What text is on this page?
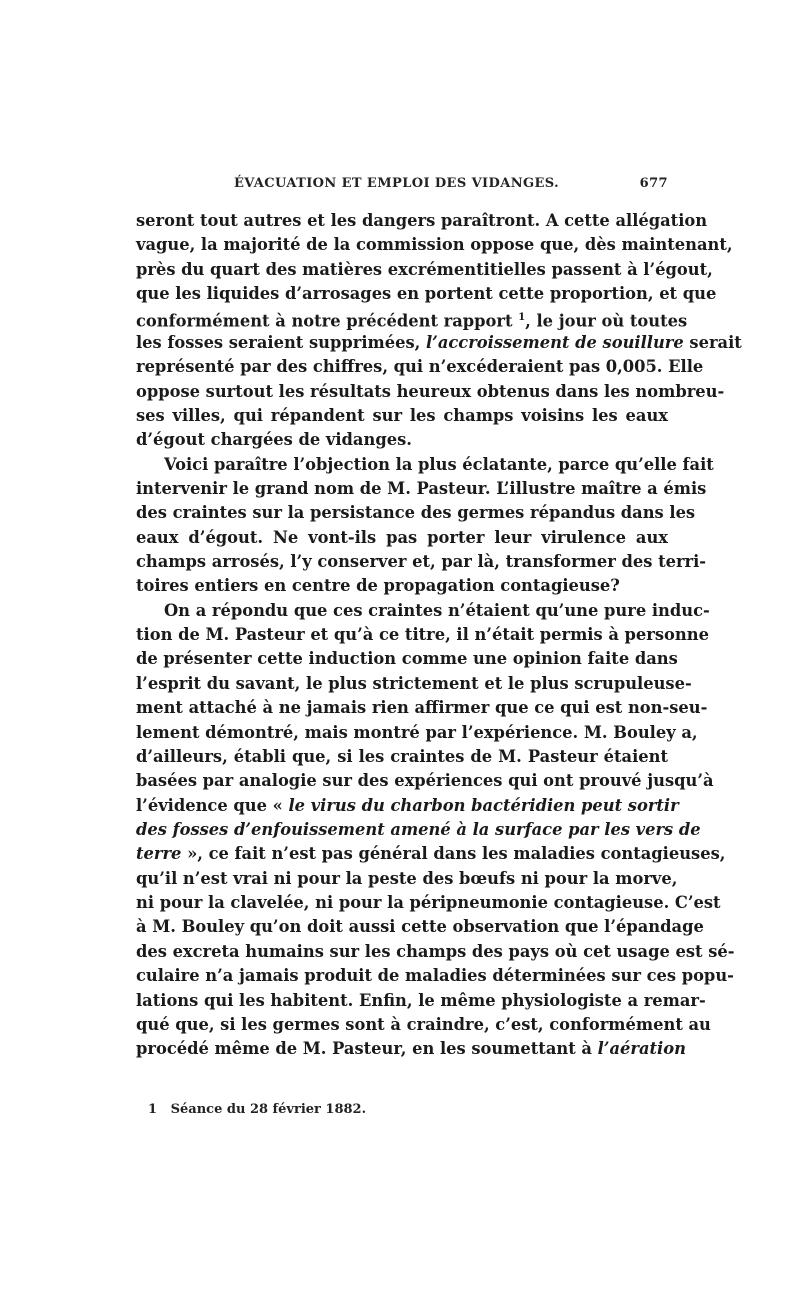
ÉVACUATION ET EMPLOI DES VIDANGES.	677
seront tout autres et les dangers paraîtront. A cette allégation
vague, la majorité de la commission oppose que, dès maintenant,
près du quart des matières excrémentitielles passent à l’égout,
que les liquides d’arrosages en portent cette proportion, et que
conformément à notre précédent rapport $^1$, le jour où toutes
les fosses seraient supprimées, l’accroissement de souillure serait
représenté par des chiffres, qui n’excéderaient pas 0,005. Elle
oppose surtout les résultats heureux obtenus dans les nombreu-
ses villes, qui répandent sur les champs voisins les eaux
d’égout chargées de vidanges.
Voici paraître l’objection la plus éclatante, parce qu’elle fait
intervenir le grand nom de M. Pasteur. L’illustre maître a émis
des craintes sur la persistance des germes répandus dans les
eaux d’égout. Ne vont-ils pas porter leur virulence aux
champs arrosés, l’y conserver et, par là, transformer des terri-
toires entiers en centre de propagation contagieuse?
On a répondu que ces craintes n’étaient qu’une pure induc-
tion de M. Pasteur et qu’à ce titre, il n’était permis à personne
de présenter cette induction comme une opinion faite dans
l’esprit du savant, le plus strictement et le plus scrupuleuse-
ment attaché à ne jamais rien affirmer que ce qui est non-seu-
lement démontré, mais montré par l’expérience. M. Bouley a,
d’ailleurs, établi que, si les craintes de M. Pasteur étaient
basées par analogie sur des expériences qui ont prouvé jusqu’à
l’évidence que « le virus du charbon bactéridien peut sortir
des fosses d’enfouissement amené à la surface par les vers de
terre », ce fait n’est pas général dans les maladies contagieuses,
qu’il n’est vrai ni pour la peste des bœufs ni pour la morve,
ni pour la clavelée, ni pour la péripneumonie contagieuse. C’est
à M. Bouley qu’on doit aussi cette observation que l’épandage
des excreta humains sur les champs des pays où cet usage est sé-
culaire n’a jamais produit de maladies déterminées sur ces popu-
lations qui les habitent. Enfin, le même physiologiste a remar-
qué que, si les germes sont à craindre, c’est, conformément au
procédé même de M. Pasteur, en les soumettant à l’aération
1 Séance du 28 février 1882.
